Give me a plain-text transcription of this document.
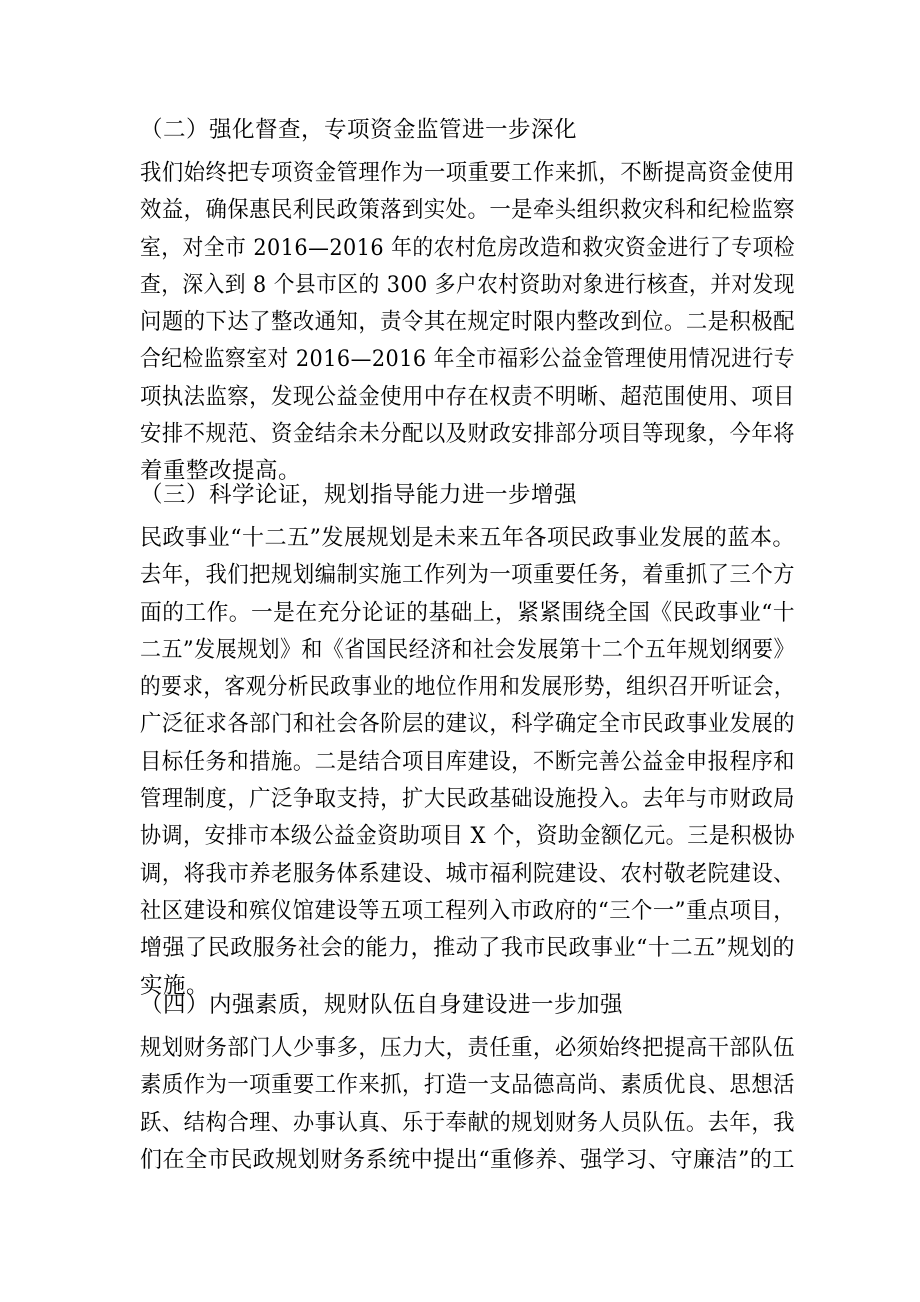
（二）强化督查，专项资金监管进一步深化
我们始终把专项资金管理作为一项重要工作来抓，不断提高资金使用
效益，确保惠民利民政策落到实处。一是牵头组织救灾科和纪检监察
室，对全市 2016—2016 年的农村危房改造和救灾资金进行了专项检
查，深入到 8 个县市区的 300 多户农村资助对象进行核查，并对发现
问题的下达了整改通知，责令其在规定时限内整改到位。二是积极配
合纪检监察室对 2016—2016 年全市福彩公益金管理使用情况进行专
项执法监察，发现公益金使用中存在权责不明晰、超范围使用、项目
安排不规范、资金结余未分配以及财政安排部分项目等现象，今年将
着重整改提高。
（三）科学论证，规划指导能力进一步增强
民政事业“十二五”发展规划是未来五年各项民政事业发展的蓝本。
去年，我们把规划编制实施工作列为一项重要任务，着重抓了三个方
面的工作。一是在充分论证的基础上，紧紧围绕全国《民政事业“十
二五”发展规划》和《省国民经济和社会发展第十二个五年规划纲要》
的要求，客观分析民政事业的地位作用和发展形势，组织召开听证会，
广泛征求各部门和社会各阶层的建议，科学确定全市民政事业发展的
目标任务和措施。二是结合项目库建设，不断完善公益金申报程序和
管理制度，广泛争取支持，扩大民政基础设施投入。去年与市财政局
协调，安排市本级公益金资助项目 X 个，资助金额亿元。三是积极协
调，将我市养老服务体系建设、城市福利院建设、农村敬老院建设、
社区建设和殡仪馆建设等五项工程列入市政府的“三个一”重点项目，
增强了民政服务社会的能力，推动了我市民政事业“十二五”规划的
实施。
（四）内强素质，规财队伍自身建设进一步加强
规划财务部门人少事多，压力大，责任重，必须始终把提高干部队伍
素质作为一项重要工作来抓，打造一支品德高尚、素质优良、思想活
跃、结构合理、办事认真、乐于奉献的规划财务人员队伍。去年，我
们在全市民政规划财务系统中提出“重修养、强学习、守廉洁”的工
